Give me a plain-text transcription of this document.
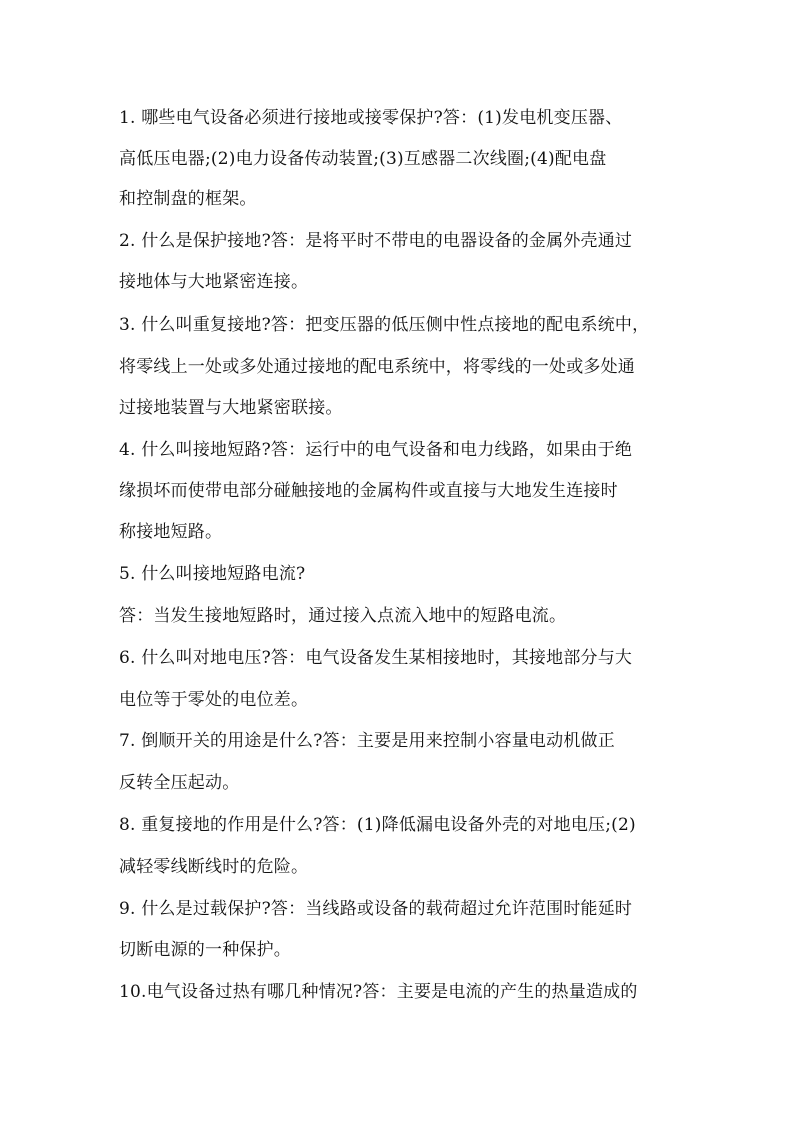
1. 哪些电气设备必须进行接地或接零保护?答：(1)发电机变压器、
高低压电器;(2)电力设备传动装置;(3)互感器二次线圈;(4)配电盘
和控制盘的框架。
2. 什么是保护接地?答：是将平时不带电的电器设备的金属外壳通过
接地体与大地紧密连接。
3. 什么叫重复接地?答：把变压器的低压侧中性点接地的配电系统中，
将零线上一处或多处通过接地的配电系统中，将零线的一处或多处通
过接地装置与大地紧密联接。
4. 什么叫接地短路?答：运行中的电气设备和电力线路，如果由于绝
缘损坏而使带电部分碰触接地的金属构件或直接与大地发生连接时
称接地短路。
5. 什么叫接地短路电流?
答：当发生接地短路时，通过接入点流入地中的短路电流。
6. 什么叫对地电压?答：电气设备发生某相接地时，其接地部分与大
电位等于零处的电位差。
7. 倒顺开关的用途是什么?答：主要是用来控制小容量电动机做正
反转全压起动。
8. 重复接地的作用是什么?答：(1)降低漏电设备外壳的对地电压;(2)
减轻零线断线时的危险。
9. 什么是过载保护?答：当线路或设备的载荷超过允许范围时能延时
切断电源的一种保护。
10.电气设备过热有哪几种情况?答：主要是电流的产生的热量造成的
